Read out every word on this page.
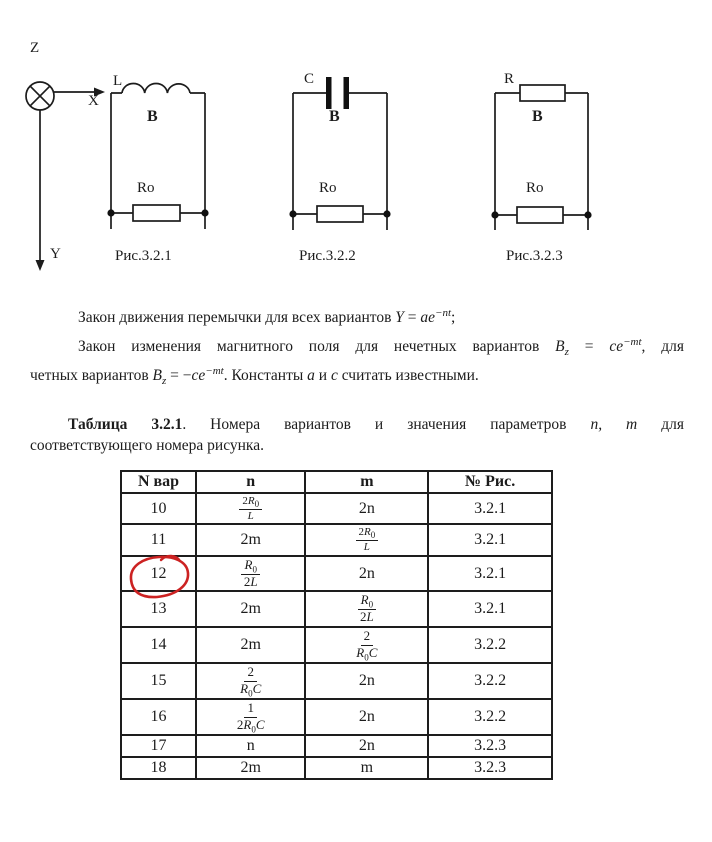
Z
X
Y
L
B
Ro
Рис.3.2.1
C
B
Ro
Рис.3.2.2
R
B
Ro
Рис.3.2.3

Закон движения перемычки для всех вариантов $Y = ae^{-nt}$;

Закон изменения магнитного поля для нечетных вариантов $B_z = ce^{-mt}$, для
четных вариантов $B_z = -ce^{-mt}$. Константы a и c считать известными.
Таблица 3.2.1. Номера вариантов и значения параметров n, m для
соответствующего номера рисунка.
N вар	n	m	№ Рис.
10	$\frac{2R_0}{L}$	2n	3.2.1
11	2m	$\frac{2R_0}{L}$	3.2.1
12	$\frac{R_0}{2L}$	2n	3.2.1
13	2m	$\frac{R_0}{2L}$	3.2.1
14	2m	$\frac{2}{R_0C}$	3.2.2
15	$\frac{2}{R_0C}$	2n	3.2.2
16	$\frac{1}{2R_0C}$	2n	3.2.2
17	n	2n	3.2.3
18	2m	m	3.2.3
